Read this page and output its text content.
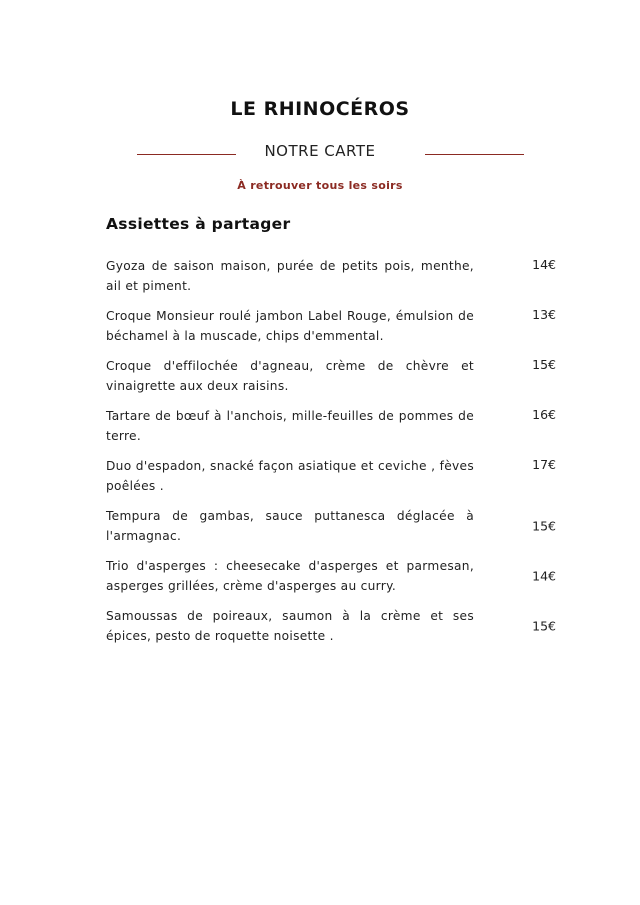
LE RHINOCÉROS
NOTRE CARTE
À retrouver tous les soirs
Assiettes à partager
Gyoza de saison maison, purée de petits pois, menthe, ail et piment.
14€
Croque Monsieur roulé jambon Label Rouge, émulsion de béchamel à la muscade, chips d'emmental.
13€
Croque d'effilochée d'agneau, crème de chèvre et vinaigrette aux deux raisins.
15€
Tartare de bœuf à l'anchois, mille-feuilles de pommes de terre.
16€
Duo d'espadon, snacké façon asiatique et ceviche , fèves poêlées .
17€
Tempura de gambas, sauce puttanesca déglacée à l'armagnac.
15€
Trio d'asperges : cheesecake d'asperges et parmesan, asperges grillées, crème d'asperges au curry.
14€
Samoussas de poireaux, saumon à la crème et ses épices, pesto de roquette noisette .
15€
